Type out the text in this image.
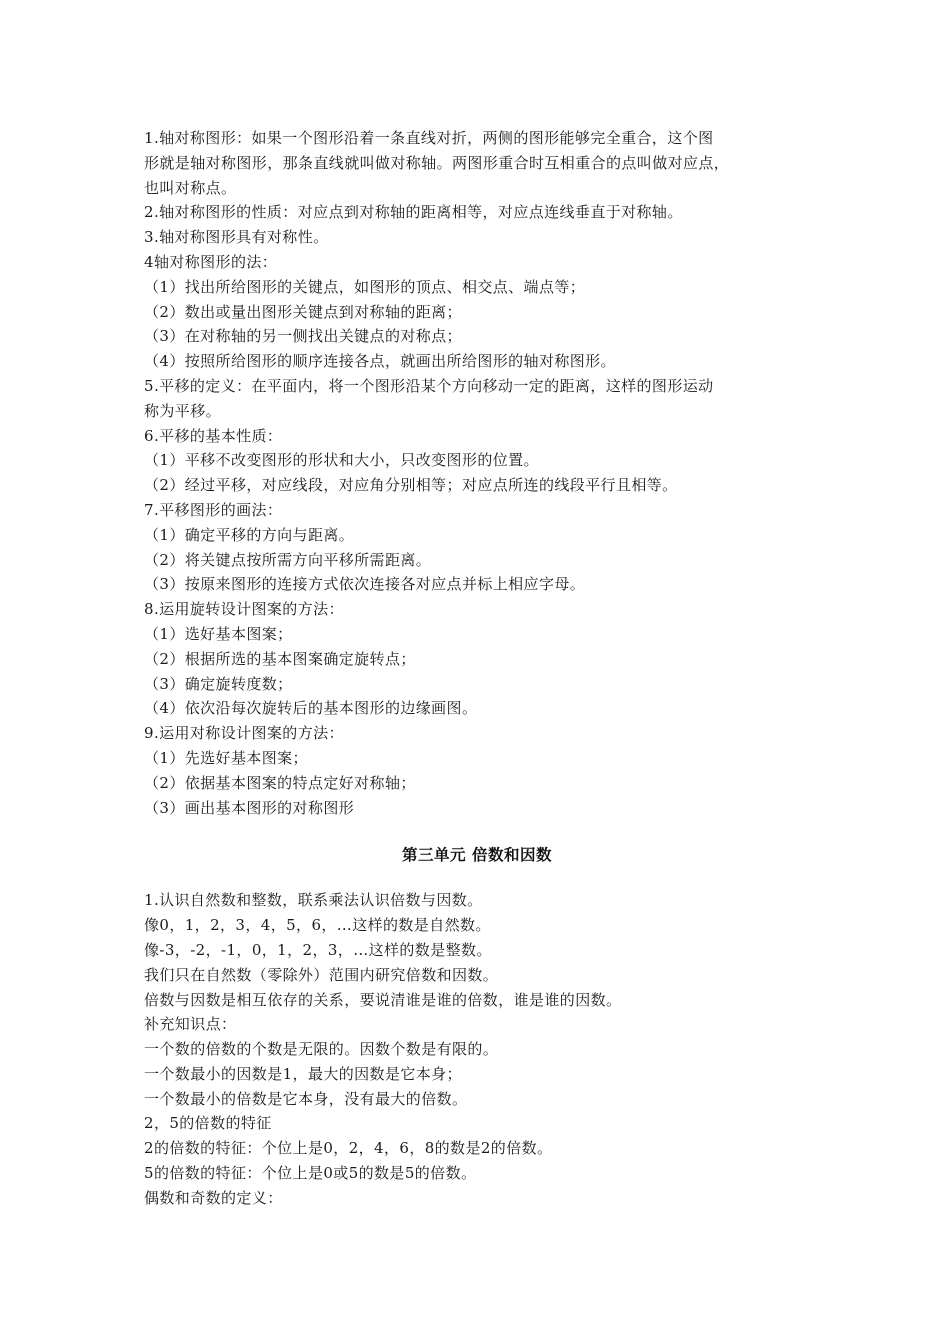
1.轴对称图形：如果一个图形沿着一条直线对折，两侧的图形能够完全重合，这个图
形就是轴对称图形，那条直线就叫做对称轴。两图形重合时互相重合的点叫做对应点，
也叫对称点。
2.轴对称图形的性质：对应点到对称轴的距离相等，对应点连线垂直于对称轴。
3.轴对称图形具有对称性。
4轴对称图形的法：
（1）找出所给图形的关键点，如图形的顶点、相交点、端点等；
（2）数出或量出图形关键点到对称轴的距离；
（3）在对称轴的另一侧找出关键点的对称点；
（4）按照所给图形的顺序连接各点，就画出所给图形的轴对称图形。
5.平移的定义：在平面内，将一个图形沿某个方向移动一定的距离，这样的图形运动
称为平移。
6.平移的基本性质：
（1）平移不改变图形的形状和大小，只改变图形的位置。
（2）经过平移，对应线段，对应角分别相等；对应点所连的线段平行且相等。
7.平移图形的画法：
（1）确定平移的方向与距离。
（2）将关键点按所需方向平移所需距离。
（3）按原来图形的连接方式依次连接各对应点并标上相应字母。
8.运用旋转设计图案的方法：
（1）选好基本图案；
（2）根据所选的基本图案确定旋转点；
（3）确定旋转度数；
（4）依次沿每次旋转后的基本图形的边缘画图。
9.运用对称设计图案的方法：
（1）先选好基本图案；
（2）依据基本图案的特点定好对称轴；
（3）画出基本图形的对称图形
第三单元 倍数和因数
1.认识自然数和整数，联系乘法认识倍数与因数。
像0，1，2，3，4，5，6，…这样的数是自然数。
像-3，-2，-1，0，1，2，3，…这样的数是整数。
我们只在自然数（零除外）范围内研究倍数和因数。
倍数与因数是相互依存的关系，要说清谁是谁的倍数，谁是谁的因数。
补充知识点：
一个数的倍数的个数是无限的。因数个数是有限的。
一个数最小的因数是1，最大的因数是它本身；
一个数最小的倍数是它本身，没有最大的倍数。
2，5的倍数的特征
2的倍数的特征：个位上是0，2，4，6，8的数是2的倍数。
5的倍数的特征：个位上是0或5的数是5的倍数。
偶数和奇数的定义：
